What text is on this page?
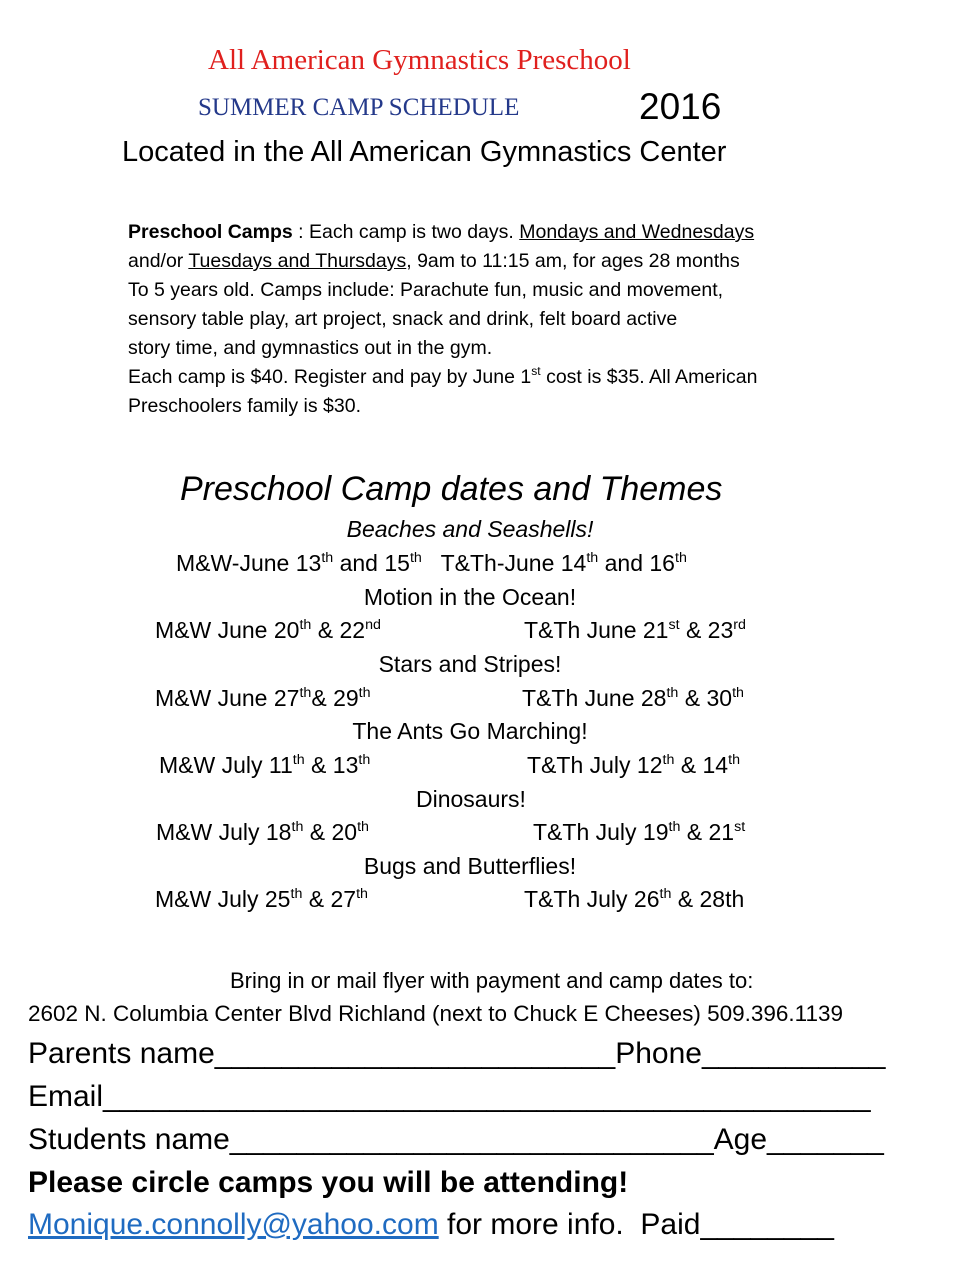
All American Gymnastics Preschool
SUMMER CAMP SCHEDULE	2016
Located in the All American Gymnastics Center
Preschool Camps : Each camp is two days. Mondays and Wednesdays
and/or Tuesdays and Thursdays, 9am to 11:15 am, for ages 28 months
To 5 years old. Camps include: Parachute fun, music and movement,
sensory table play, art project, snack and drink, felt board active
story time, and gymnastics out in the gym.
Each camp is $40. Register and pay by June 1st cost is $35. All American
Preschoolers family is $30.
Preschool Camp dates and Themes
Beaches and Seashells!
M&W-June 13th and 15th   T&Th-June 14th and 16th
Motion in the Ocean!
M&W June 20th & 22nd	T&Th June 21st & 23rd
Stars and Stripes!
M&W June 27th& 29th	T&Th June 28th & 30th
The Ants Go Marching!
M&W July 11th & 13th	T&Th July 12th & 14th
Dinosaurs!
M&W July 18th & 20th	T&Th July 19th & 21st
Bugs and Butterflies!
M&W July 25th & 27th	T&Th July 26th & 28th
Bring in or mail flyer with payment and camp dates to:
2602 N. Columbia Center Blvd Richland (next to Chuck E Cheeses) 509.396.1139
Parents name________________________Phone___________
Email______________________________________________
Students name_____________________________Age_______
Please circle camps you will be attending!
Monique.connolly@yahoo.com for more info.  Paid________
